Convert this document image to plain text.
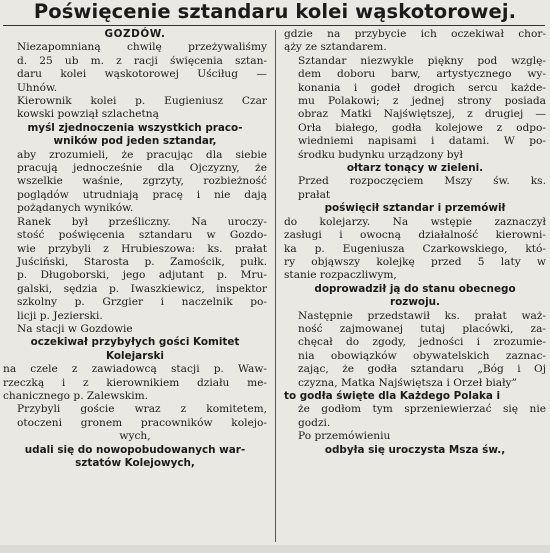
Poświęcenie sztandaru kolei wąskotorowej.
GOZDÓW.

Niezapomnianą chwilę przeżywaliśmy
d. 25 ub m. z racji święcenia sztan-
daru kolei wąskotorowej Uściług —
Uhnów.

Kierownik kolei p. Eugieniusz Czar
kowski powziął szlachetną

myśl zjednoczenia wszystkich praco-
wników pod jeden sztandar,

aby zrozumieli, że pracując dla siebie
pracują jednocześnie dla Ojczyzny, że
wszelkie waśnie, zgrzyty, rozbieżność
poglądów utrudniają pracę i nie dają
pożądanych wyników.

Ranek był prześliczny. Na uroczy-
stość poświęcenia sztandaru w Gozdo-
wie przybyli z Hrubieszowa: ks. prałat
Juściński, Starosta p. Zamościk, pułk.
p. Długoborski, jego adjutant p. Mru-
galski, sędzia p. Iwaszkiewicz, inspektor
szkolny p. Grzgier i naczelnik po-
licji p. Jezierski.

Na stacji w Gozdowie

oczekiwał przybyłych gości Komitet
Kolejarski

na czele z zawiadowcą stacji p. Waw-
rzeczką i z kierownikiem działu me-
chanicznego p. Zalewskim.

Przybyli goście wraz z komitetem,
otoczeni gronem pracowników kolejo-
wych,

udali się do nowopobudowanych war-
sztatów Kolejowych,

gdzie na przybycie ich oczekiwał chor-
ąży ze sztandarem.

Sztandar niezwykle piękny pod wzglę-
dem doboru barw, artystycznego wy-
konania i godeł drogich sercu każde-
mu Polakowi; z jednej strony posiada
obraz Matki Najświętszej, z drugiej —
Orła białego, godła kolejowe z odpo-
wiedniemi napisami i datami. W po-
środku budynku urządzony był

ołtarz tonący w zieleni.

Przed rozpoczęciem Mszy św. ks.
prałat

poświęcił sztandar i przemówił

do kolejarzy. Na wstępie zaznaczył
zasługi i owocną działalność kierowni-
ka p. Eugeniusza Czarkowskiego, któ-
ry objąwszy kolejkę przed 5 laty w
stanie rozpaczliwym,

doprowadził ją do stanu obecnego
rozwoju.

Następnie przedstawił ks. prałat waż-
ność zajmowanej tutaj placówki, za-
chęcał do zgody, jedności i zrozumie-
nia obowiązków obywatelskich zaznac-
zając, że godła sztandaru „Bóg i Oj
czyzna, Matka Najświętsza i Orzeł biały”

to godła święte dla Każdego Polaka i

że godłom tym sprzeniewierzać się nie
godzi.

Po przemówieniu

odbyła się uroczysta Msza św.,
